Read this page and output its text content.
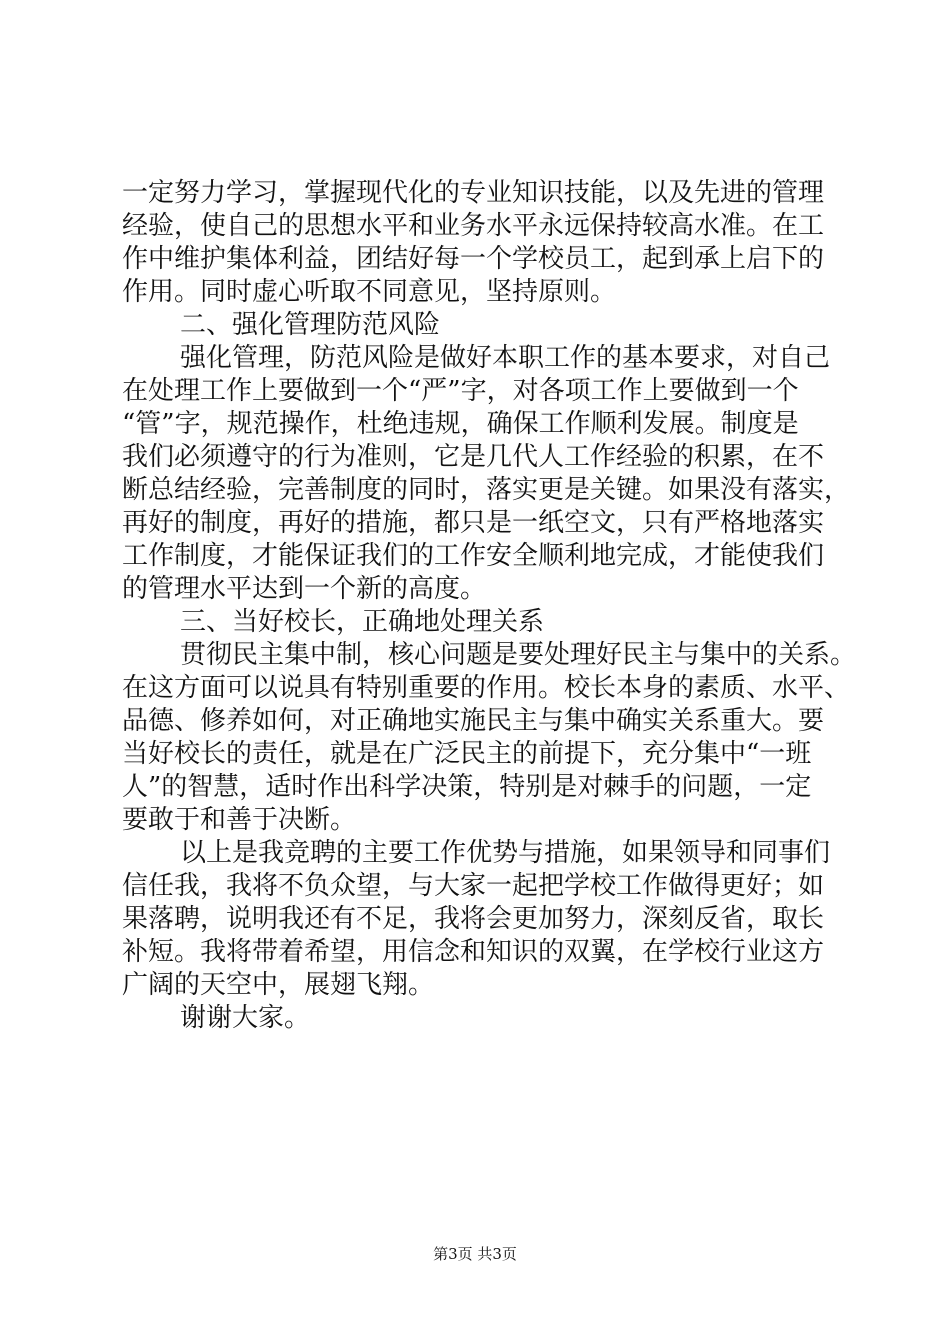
一定努力学习，掌握现代化的专业知识技能，以及先进的管理
经验，使自己的思想水平和业务水平永远保持较高水准。在工
作中维护集体利益，团结好每一个学校员工，起到承上启下的
作用。同时虚心听取不同意见，坚持原则。
二、强化管理防范风险
强化管理，防范风险是做好本职工作的基本要求，对自己
在处理工作上要做到一个“严”字，对各项工作上要做到一个
“管”字，规范操作，杜绝违规，确保工作顺利发展。制度是
我们必须遵守的行为准则，它是几代人工作经验的积累，在不
断总结经验，完善制度的同时，落实更是关键。如果没有落实，
再好的制度，再好的措施，都只是一纸空文，只有严格地落实
工作制度，才能保证我们的工作安全顺利地完成，才能使我们
的管理水平达到一个新的高度。
三、当好校长，正确地处理关系
贯彻民主集中制，核心问题是要处理好民主与集中的关系。
在这方面可以说具有特别重要的作用。校长本身的素质、水平、
品德、修养如何，对正确地实施民主与集中确实关系重大。要
当好校长的责任，就是在广泛民主的前提下，充分集中“一班
人”的智慧，适时作出科学决策，特别是对棘手的问题，一定
要敢于和善于决断。
以上是我竞聘的主要工作优势与措施，如果领导和同事们
信任我，我将不负众望，与大家一起把学校工作做得更好；如
果落聘，说明我还有不足，我将会更加努力，深刻反省，取长
补短。我将带着希望，用信念和知识的双翼，在学校行业这方
广阔的天空中，展翅飞翔。
谢谢大家。
第3页 共3页
